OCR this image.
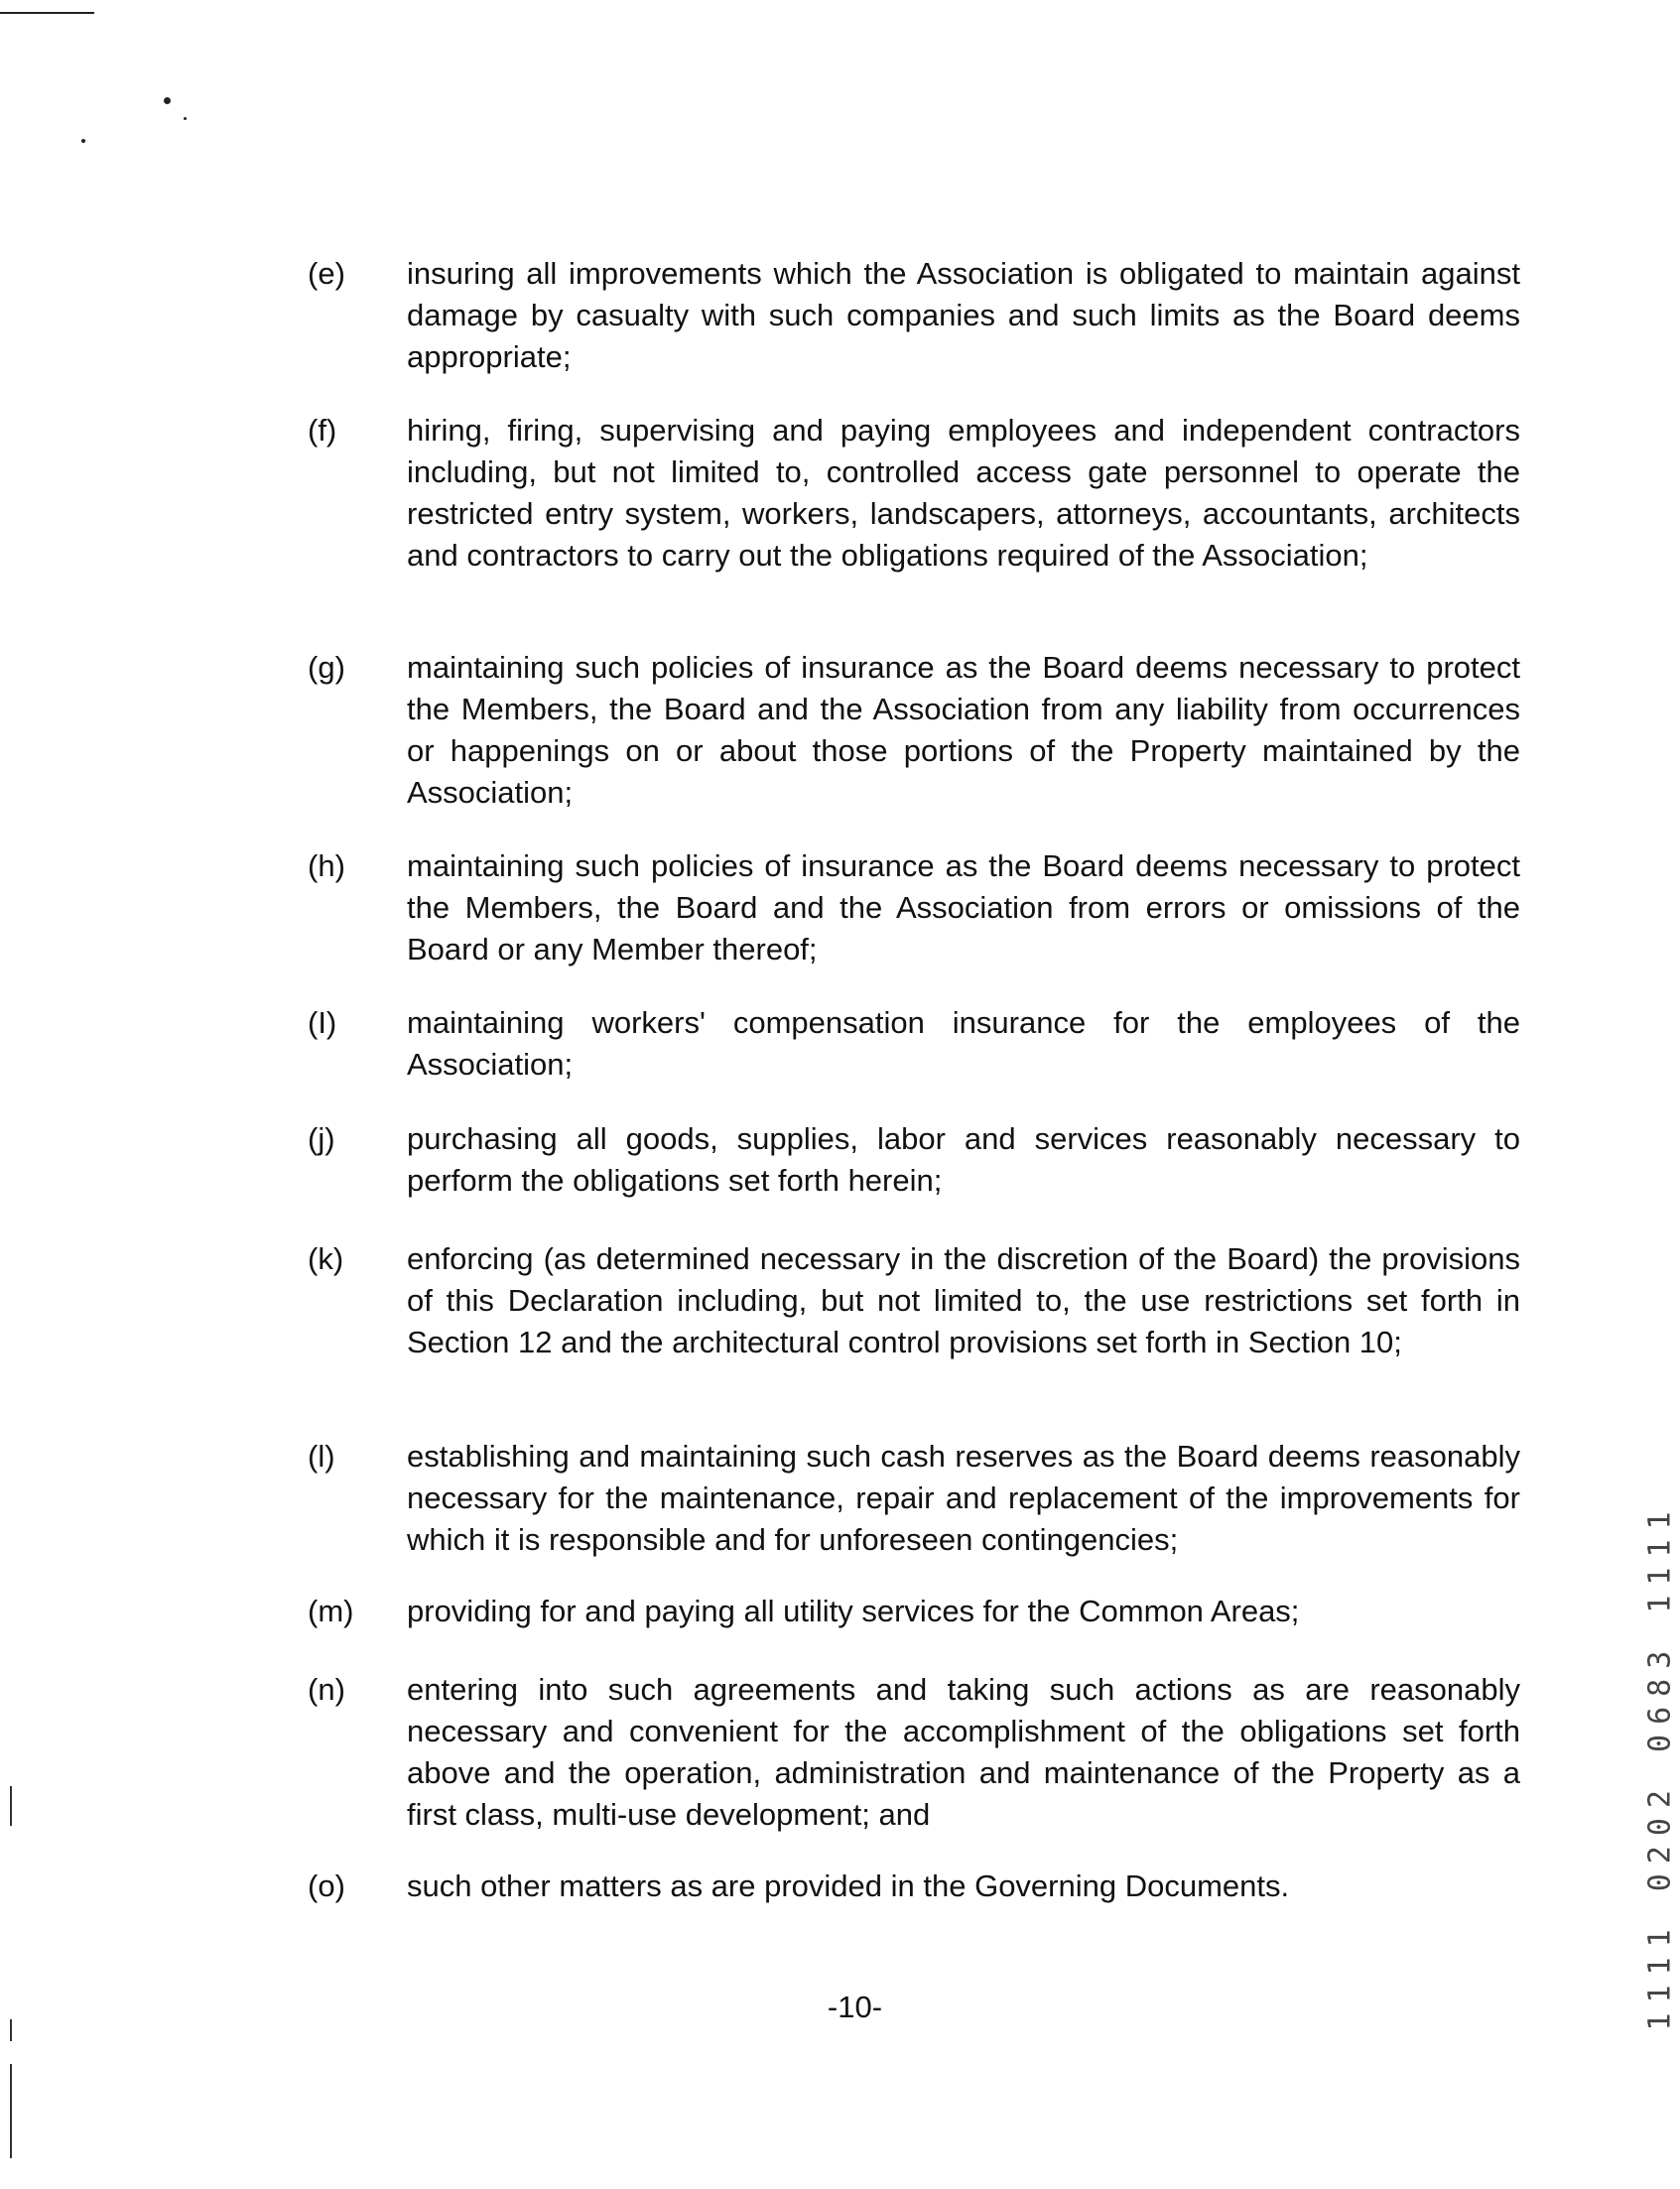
(e) insuring all improvements which the Association is obligated to maintain against damage by casualty with such companies and such limits as the Board deems appropriate;
(f) hiring, firing, supervising and paying employees and independent contractors including, but not limited to, controlled access gate personnel to operate the restricted entry system, workers, landscapers, attorneys, accountants, architects and contractors to carry out the obligations required of the Association;
(g) maintaining such policies of insurance as the Board deems necessary to protect the Members, the Board and the Association from any liability from occurrences or happenings on or about those portions of the Property maintained by the Association;
(h) maintaining such policies of insurance as the Board deems necessary to protect the Members, the Board and the Association from errors or omissions of the Board or any Member thereof;
(I) maintaining workers' compensation insurance for the employees of the Association;
(j) purchasing all goods, supplies, labor and services reasonably necessary to perform the obligations set forth herein;
(k) enforcing (as determined necessary in the discretion of the Board) the provisions of this Declaration including, but not limited to, the use restrictions set forth in Section 12 and the architectural control provisions set forth in Section 10;
(l) establishing and maintaining such cash reserves as the Board deems reasonably necessary for the maintenance, repair and replacement of the improvements for which it is responsible and for unforeseen contingencies;
(m) providing for and paying all utility services for the Common Areas;
(n) entering into such agreements and taking such actions as are reasonably necessary and convenient for the accomplishment of the obligations set forth above and the operation, administration and maintenance of the Property as a first class, multi-use development; and
(o) such other matters as are provided in the Governing Documents.
-10-	1111 0202 0683 1111
